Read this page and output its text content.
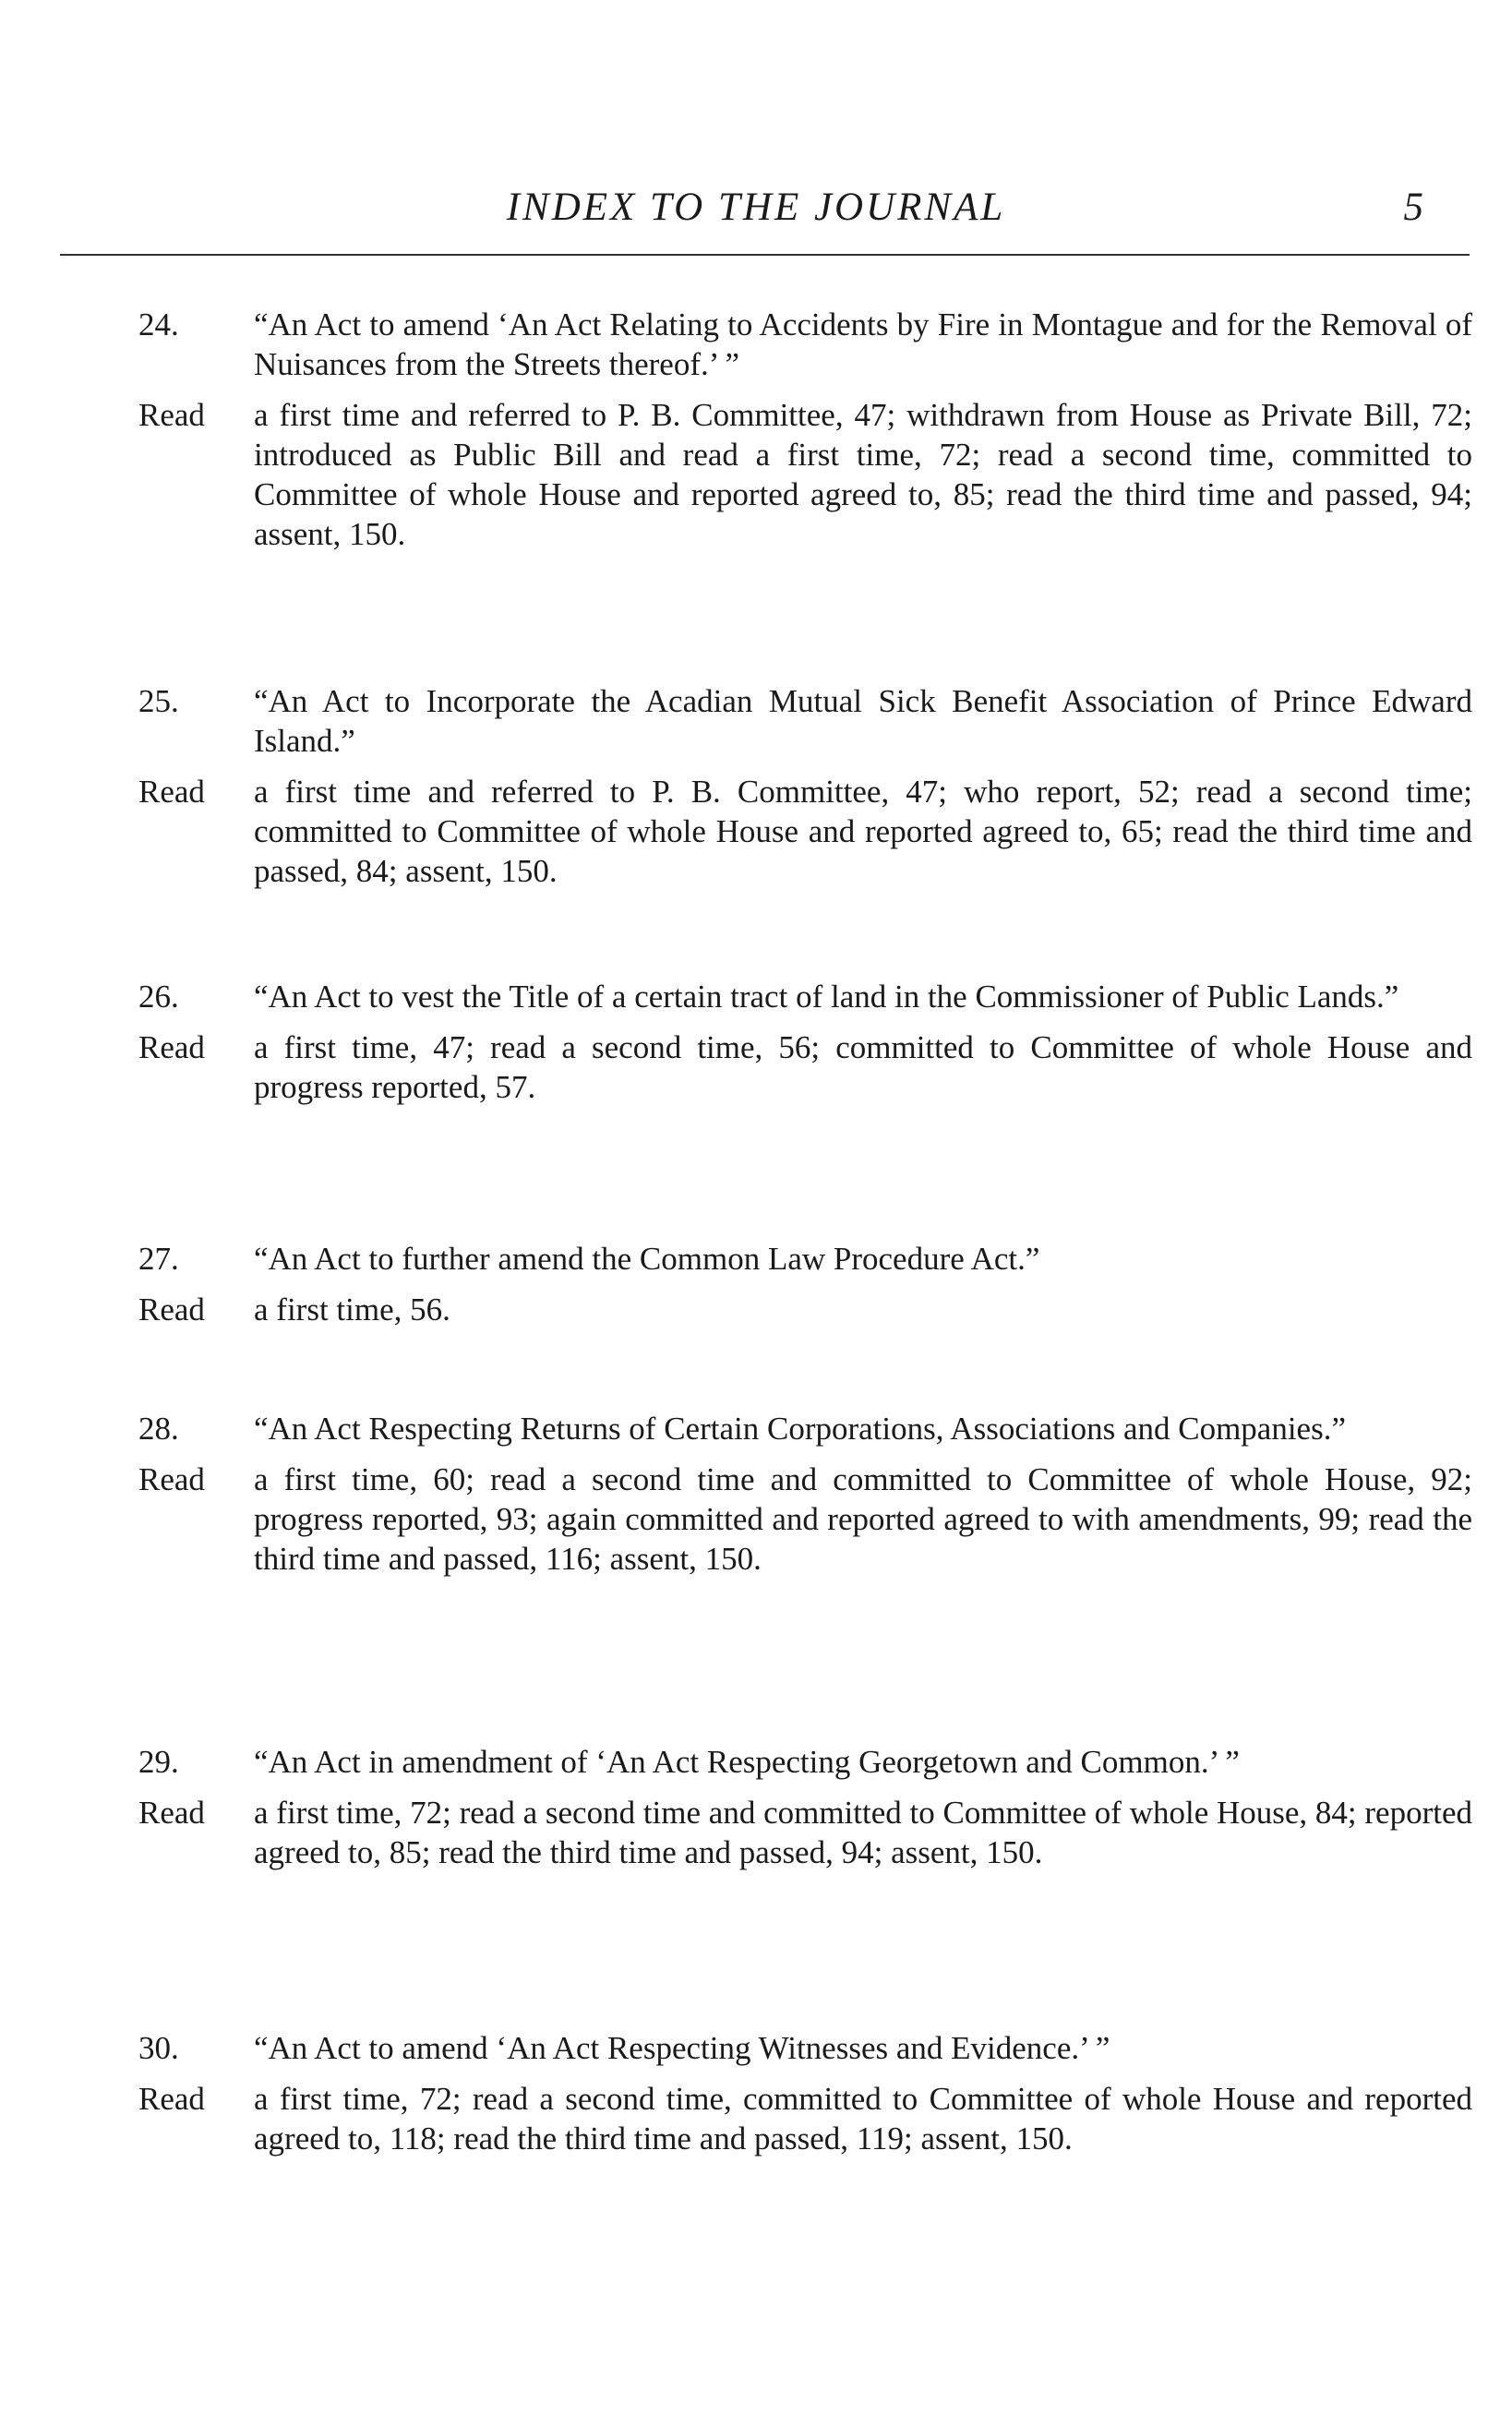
INDEX TO THE JOURNAL	5
24. “An Act to amend ‘An Act Relating to Accidents by Fire in Montague and for the Removal of Nuisances from the Streets thereof.’ ”
Read a first time and referred to P. B. Committee, 47; withdrawn from House as Private Bill, 72; introduced as Public Bill and read a first time, 72; read a second time, committed to Committee of whole House and reported agreed to, 85; read the third time and passed, 94; assent, 150.
25. “An Act to Incorporate the Acadian Mutual Sick Benefit Association of Prince Edward Island.”
Read a first time and referred to P. B. Committee, 47; who report, 52; read a second time; committed to Committee of whole House and reported agreed to, 65; read the third time and passed, 84; assent, 150.
26. “An Act to vest the Title of a certain tract of land in the Commissioner of Public Lands.”
Read a first time, 47; read a second time, 56; committed to Committee of whole House and progress reported, 57.
27. “An Act to further amend the Common Law Procedure Act.”
Read a first time, 56.
28. “An Act Respecting Returns of Certain Corporations, Associations and Companies.”
Read a first time, 60; read a second time and committed to Committee of whole House, 92; progress reported, 93; again committed and reported agreed to with amendments, 99; read the third time and passed, 116; assent, 150.
29. “An Act in amendment of ‘An Act Respecting Georgetown and Common.’ ”
Read a first time, 72; read a second time and committed to Committee of whole House, 84; reported agreed to, 85; read the third time and passed, 94; assent, 150.
30. “An Act to amend ‘An Act Respecting Witnesses and Evidence.’ ”
Read a first time, 72; read a second time, committed to Committee of whole House and reported agreed to, 118; read the third time and passed, 119; assent, 150.
